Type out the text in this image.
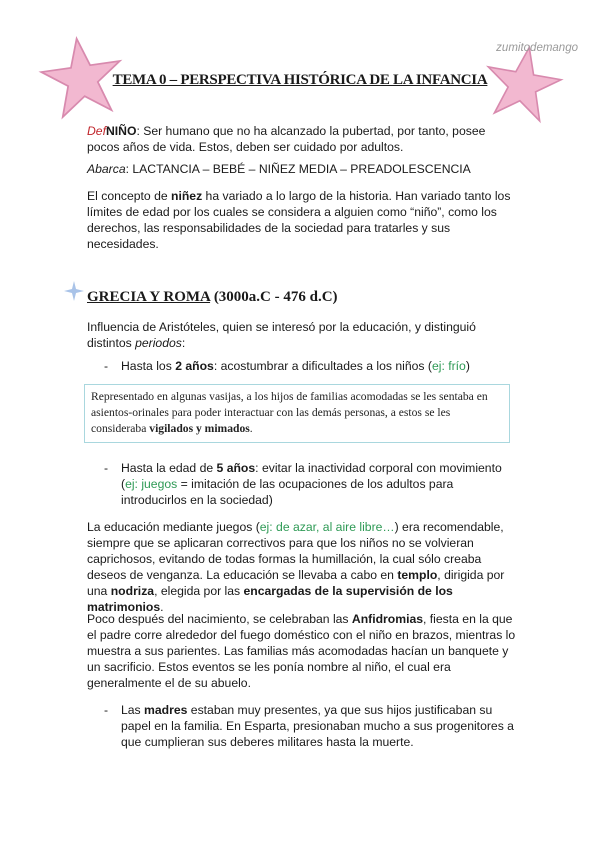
zumitodemango
TEMA 0 – PERSPECTIVA HISTÓRICA DE LA INFANCIA
DefNIÑO: Ser humano que no ha alcanzado la pubertad, por tanto, posee pocos años de vida. Estos, deben ser cuidado por adultos.
Abarca: LACTANCIA – BEBÉ – NIÑEZ MEDIA – PREADOLESCENCIA
El concepto de niñez ha variado a lo largo de la historia. Han variado tanto los límites de edad por los cuales se considera a alguien como “niño”, como los derechos, las responsabilidades de la sociedad para tratarles y sus necesidades.
GRECIA Y ROMA (3000a.C - 476 d.C)
Influencia de Aristóteles, quien se interesó por la educación, y distinguió distintos periodos:
- Hasta los 2 años: acostumbrar a dificultades a los niños (ej: frío)
Representado en algunas vasijas, a los hijos de familias acomodadas se les sentaba en asientos-orinales para poder interactuar con las demás personas, a estos se les consideraba vigilados y mimados.
- Hasta la edad de 5 años: evitar la inactividad corporal con movimiento (ej: juegos = imitación de las ocupaciones de los adultos para introducirlos en la sociedad)
La educación mediante juegos (ej: de azar, al aire libre…) era recomendable, siempre que se aplicaran correctivos para que los niños no se volvieran caprichosos, evitando de todas formas la humillación, la cual sólo creaba deseos de venganza. La educación se llevaba a cabo en templo, dirigida por una nodriza, elegida por las encargadas de la supervisión de los matrimonios.
Poco después del nacimiento, se celebraban las Anfidromias, fiesta en la que el padre corre alrededor del fuego doméstico con el niño en brazos, mientras lo muestra a sus parientes. Las familias más acomodadas hacían un banquete y un sacrificio. Estos eventos se les ponía nombre al niño, el cual era generalmente el de su abuelo.
- Las madres estaban muy presentes, ya que sus hijos justificaban su papel en la familia. En Esparta, presionaban mucho a sus progenitores a que cumplieran sus deberes militares hasta la muerte.
